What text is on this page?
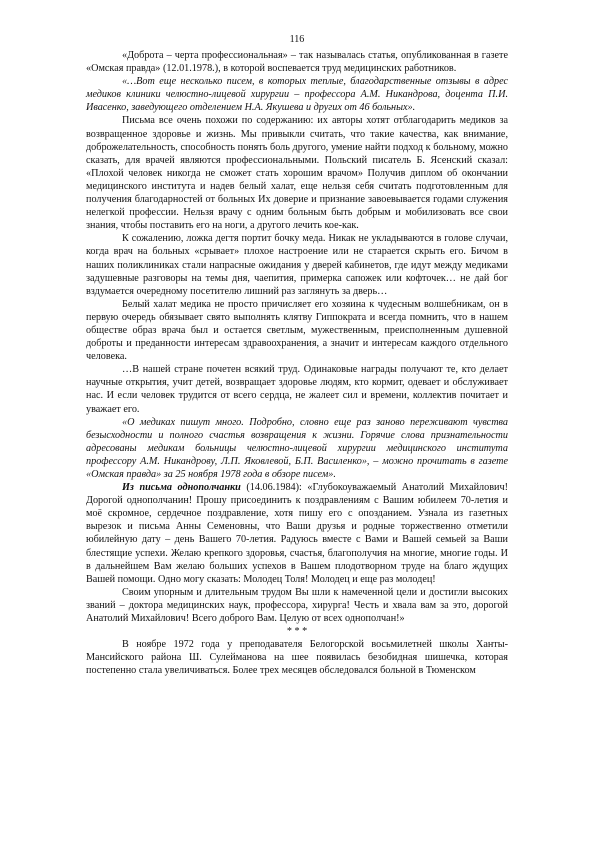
116

«Доброта – черта профессиональная» – так называлась статья, опубликованная в газете «Омская правда» (12.01.1978.), в которой воспевается труд медицинских работников.

«…Вот еще несколько писем, в которых теплые, благодарственные отзывы в адрес медиков клиники челюстно-лицевой хирургии – профессора А.М. Никандрова, доцента П.И. Ивасенко, заведующего отделением Н.А. Якушева и других от 46 больных».

Письма все очень похожи по содержанию: их авторы хотят отблагодарить медиков за возвращенное здоровье и жизнь. Мы привыкли считать, что такие качества, как внимание, доброжелательность, способность понять боль другого, умение найти подход к больному, можно сказать, для врачей являются профессиональными. Польский писатель Б. Ясенский сказал: «Плохой человек никогда не сможет стать хорошим врачом» Получив диплом об окончании медицинского института и надев белый халат, еще нельзя себя считать подготовленным для получения благодарностей от больных Их доверие и признание завоевывается годами служения нелегкой профессии. Нельзя врачу с одним больным быть добрым и мобилизовать все свои знания, чтобы поставить его на ноги, а другого лечить кое-как.

К сожалению, ложка дегтя портит бочку меда. Никак не укладываются в голове случаи, когда врач на больных «срывает» плохое настроение или не старается скрыть его. Бичом в наших поликлиниках стали напрасные ожидания у дверей кабинетов, где идут между медиками задушевные разговоры на темы дня, чаепития, примерка сапожек или кофточек… не дай бог вздумается очередному посетителю лишний раз заглянуть за дверь…

Белый халат медика не просто причисляет его хозяина к чудесным волшебникам, он в первую очередь обязывает свято выполнять клятву Гиппократа и всегда помнить, что в нашем обществе образ врача был и остается светлым, мужественным, преисполненным душевной доброты и преданности интересам здравоохранения, а значит и интересам каждого отдельного человека.

…В нашей стране почетен всякий труд. Одинаковые награды получают те, кто делает научные открытия, учит детей, возвращает здоровье людям, кто кормит, одевает и обслуживает нас. И если человек трудится от всего сердца, не жалеет сил и времени, коллектив почитает и уважает его.

«О медиках пишут много. Подробно, словно еще раз заново переживают чувства безысходности и полного счастья возвращения к жизни. Горячие слова признательности адресованы медикам больницы челюстно-лицевой хирургии медицинского института профессору А.М. Никандрову, Л.П. Яковлевой, Б.П. Василенко», – можно прочитать в газете «Омская правда» за 25 ноября 1978 года в обзоре писем».

Из письма однополчанки (14.06.1984): «Глубокоуважаемый Анатолий Михайлович! Дорогой однополчанин! Прошу присоединить к поздравлениям с Вашим юбилеем 70-летия и моё скромное, сердечное поздравление, хотя пишу его с опозданием. Узнала из газетных вырезок и письма Анны Семеновны, что Ваши друзья и родные торжественно отметили юбилейную дату – день Вашего 70-летия. Радуюсь вместе с Вами и Вашей семьей за Ваши блестящие успехи. Желаю крепкого здоровья, счастья, благополучия на многие, многие годы. И в дальнейшем Вам желаю больших успехов в Вашем плодотворном труде на благо ждущих Вашей помощи. Одно могу сказать: Молодец Толя! Молодец и еще раз молодец!

Своим упорным и длительным трудом Вы шли к намеченной цели и достигли высоких званий – доктора медицинских наук, профессора, хирурга! Честь и хвала вам за это, дорогой Анатолий Михайлович! Всего доброго Вам. Целую от всех однополчан!»

* * *

В ноябре 1972 года у преподавателя Белогорской восьмилетней школы Ханты-Мансийского района Ш. Сулейманова на шее появилась безобидная шишечка, которая постепенно стала увеличиваться. Более трех месяцев обследовался больной в Тюменском
